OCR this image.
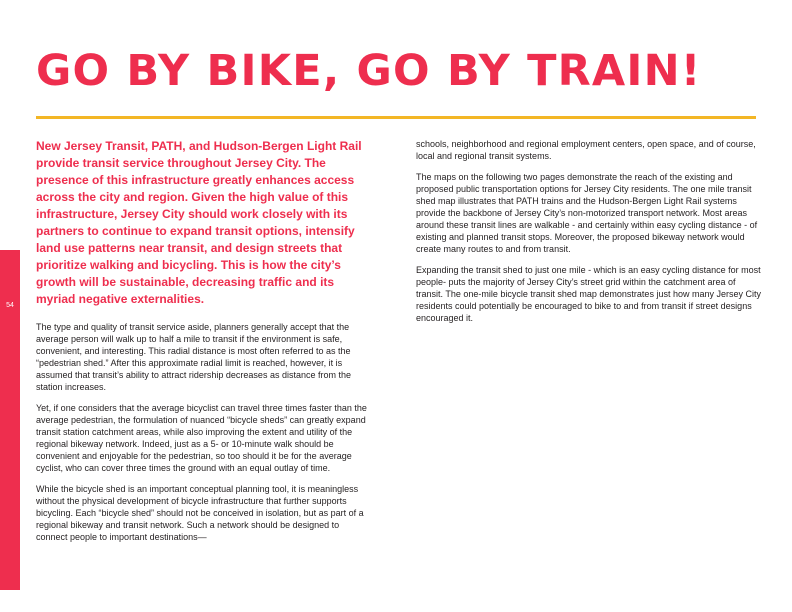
GO BY BIKE, GO BY TRAIN!
54

New Jersey Transit, PATH, and Hudson-Bergen Light Rail provide transit service throughout Jersey City. The presence of this infrastructure greatly enhances access across the city and region. Given the high value of this infrastructure, Jersey City should work closely with its partners to continue to expand transit options, intensify land use patterns near transit, and design streets that prioritize walking and bicycling. This is how the city’s growth will be sustainable, decreasing traffic and its myriad negative externalities.

The type and quality of transit service aside, planners generally accept that the average person will walk up to half a mile to transit if the environment is safe, convenient, and interesting. This radial distance is most often referred to as the “pedestrian shed.” After this approximate radial limit is reached, however, it is assumed that transit’s ability to attract ridership decreases as distance from the station increases.

Yet, if one considers that the average bicyclist can travel three times faster than the average pedestrian, the formulation of nuanced “bicycle sheds” can greatly expand transit station catchment areas, while also improving the extent and utility of the regional bikeway network. Indeed, just as a 5- or 10-minute walk should be convenient and enjoyable for the pedestrian, so too should it be for the average cyclist, who can cover three times the ground with an equal outlay of time.

While the bicycle shed is an important conceptual planning tool, it is meaningless without the physical development of bicycle infrastructure that further supports bicycling. Each “bicycle shed” should not be conceived in isolation, but as part of a regional bikeway and transit network. Such a network should be designed to connect people to important destinations—

schools, neighborhood and regional employment centers, open space, and of course, local and regional transit systems.

The maps on the following two pages demonstrate the reach of the existing and proposed public transportation options for Jersey City residents. The one mile transit shed map illustrates that PATH trains and the Hudson-Bergen Light Rail systems provide the backbone of Jersey City’s non-motorized transport network. Most areas around these transit lines are walkable - and certainly within easy cycling distance - of existing and planned transit stops. Moreover, the proposed bikeway network would create many routes to and from transit.

Expanding the transit shed to just one mile - which is an easy cycling distance for most people- puts the majority of Jersey City’s street grid within the catchment area of transit. The one-mile bicycle transit shed map demonstrates just how many Jersey City residents could potentially be encouraged to bike to and from transit if street designs encouraged it.
